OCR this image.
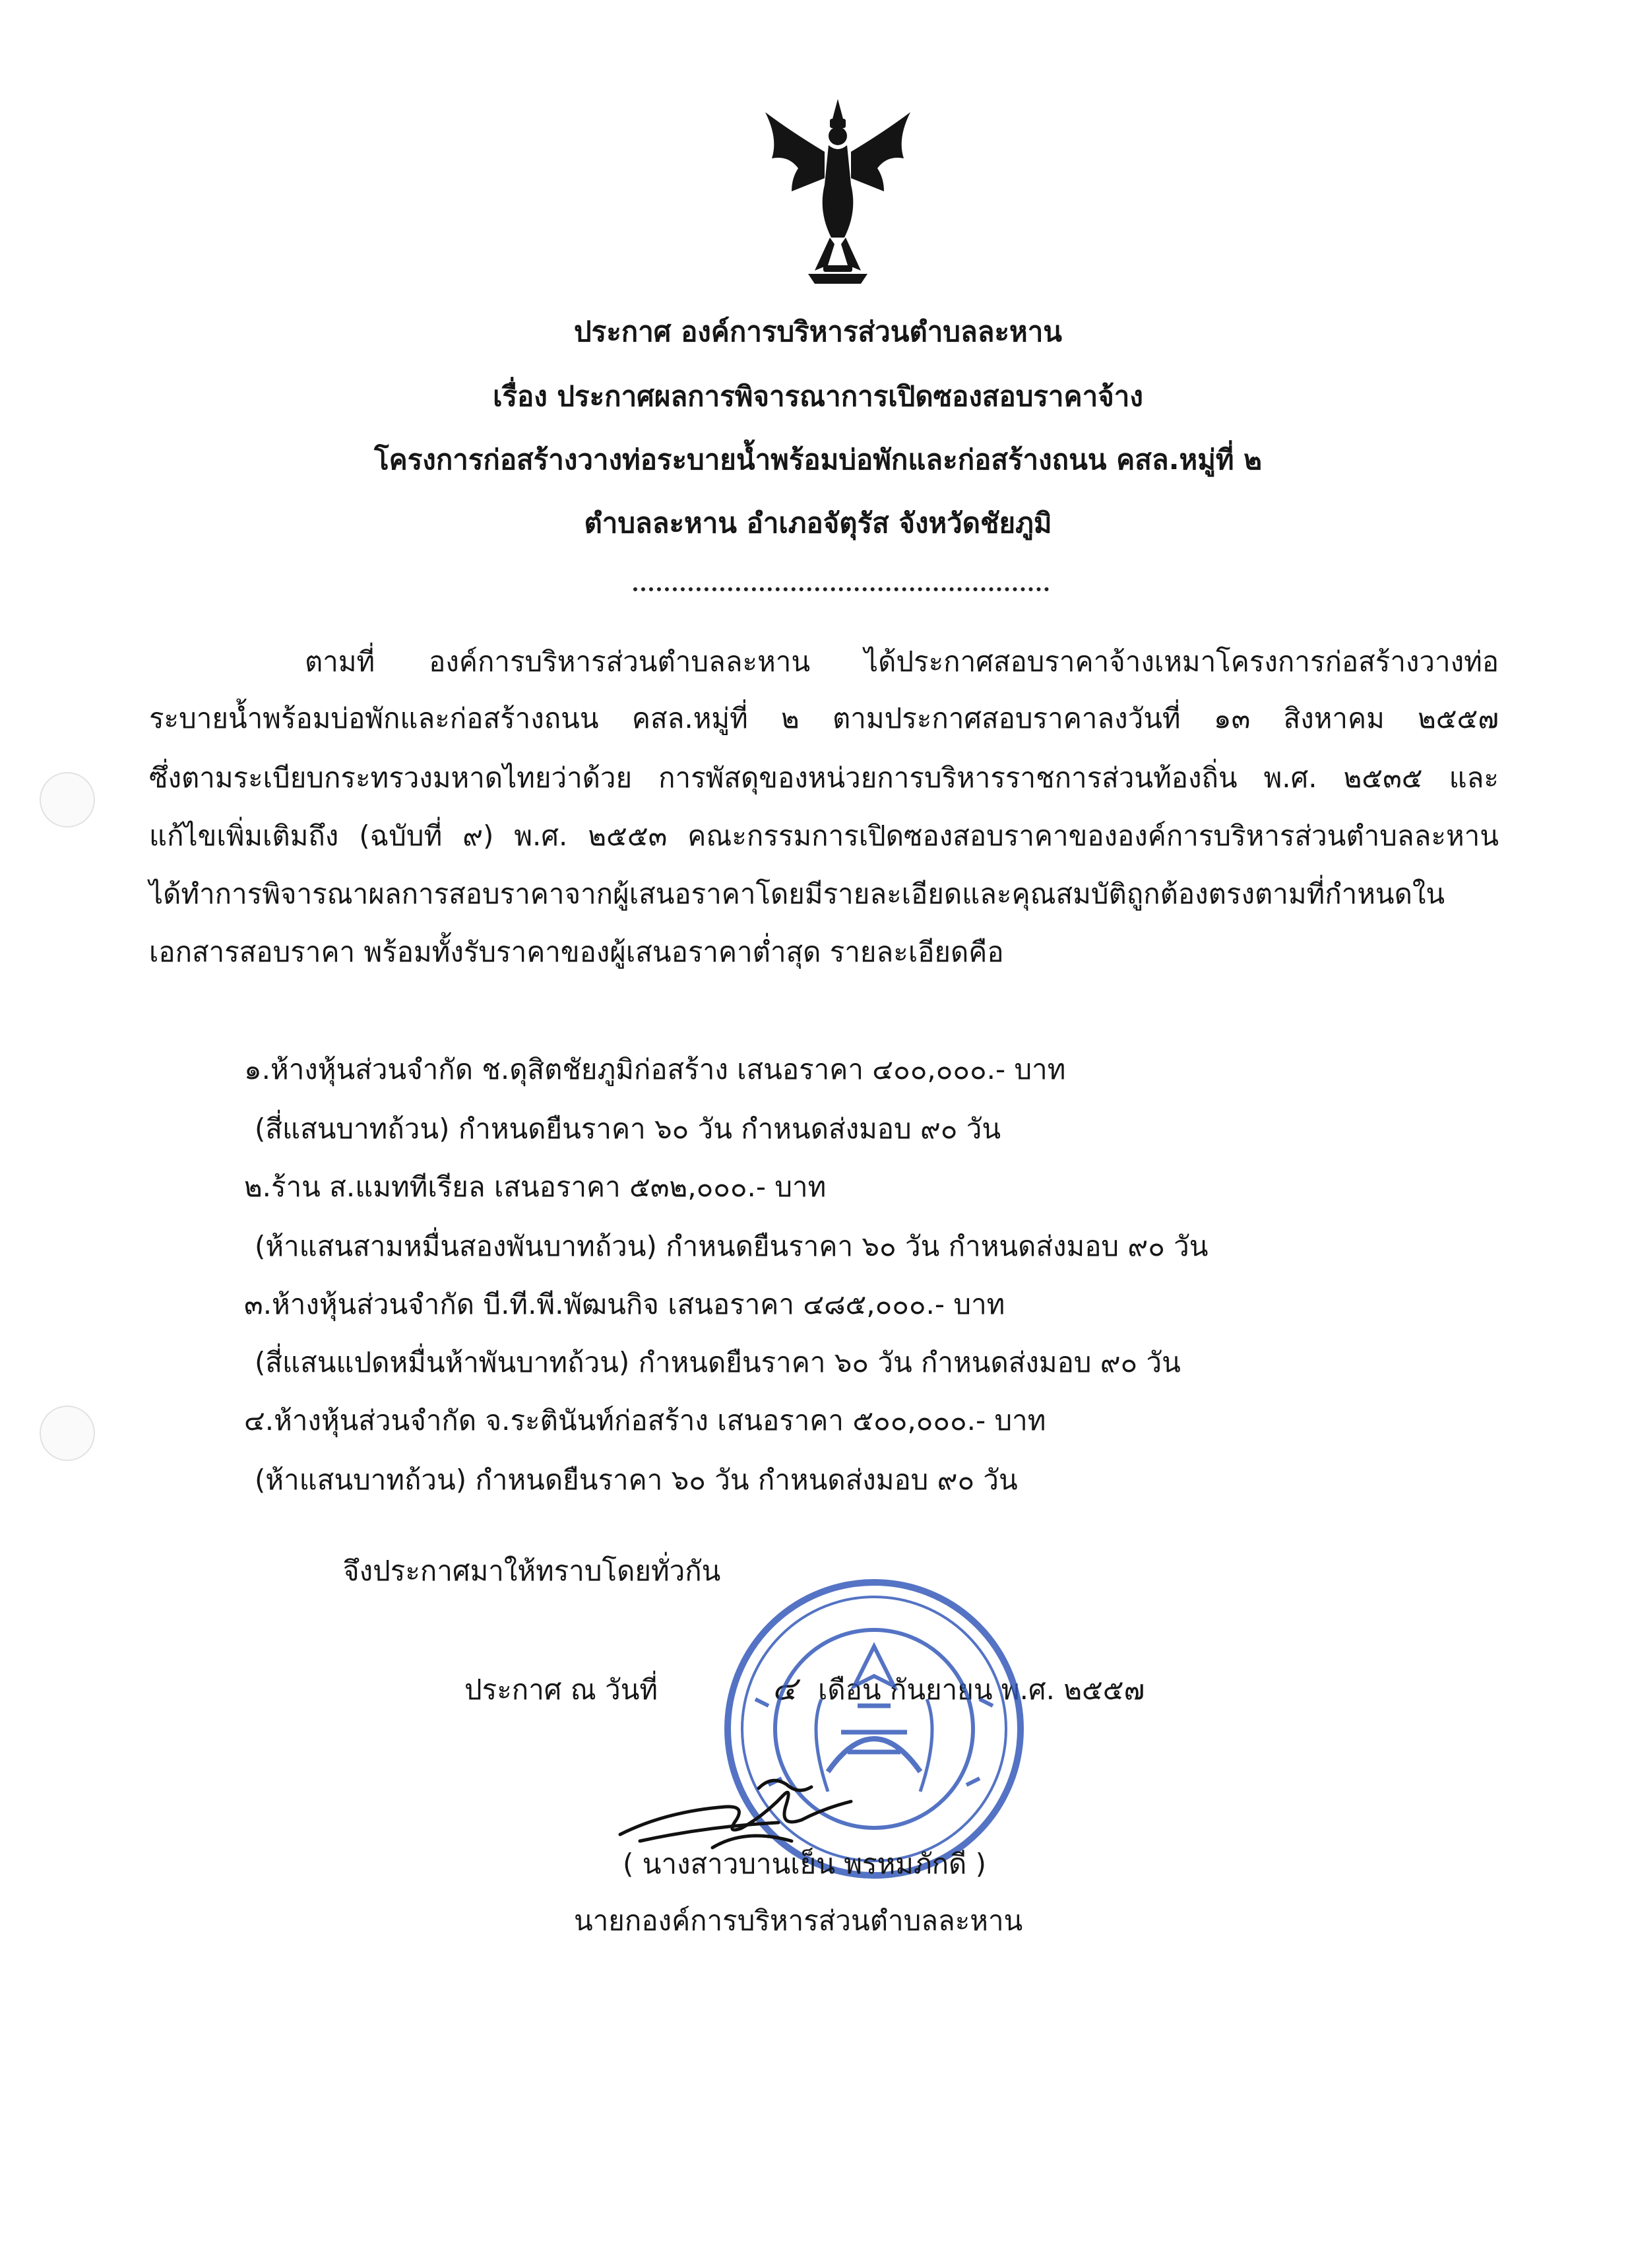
ประกาศ องค์การบริหารส่วนตำบลละหาน
เรื่อง ประกาศผลการพิจารณาการเปิดซองสอบราคาจ้าง
โครงการก่อสร้างวางท่อระบายน้ำพร้อมบ่อพักและก่อสร้างถนน คสล.หมู่ที่ ๒
ตำบลละหาน อำเภอจัตุรัส จังหวัดชัยภูมิ
ตามที่ องค์การบริหารส่วนตำบลละหาน ได้ประกาศสอบราคาจ้างเหมาโครงการก่อสร้างวางท่อ
ระบายน้ำพร้อมบ่อพักและก่อสร้างถนน คสล.หมู่ที่ ๒ ตามประกาศสอบราคาลงวันที่ ๑๓ สิงหาคม ๒๕๕๗
ซึ่งตามระเบียบกระทรวงมหาดไทยว่าด้วย การพัสดุของหน่วยการบริหารราชการส่วนท้องถิ่น พ.ศ. ๒๕๓๕ และ
แก้ไขเพิ่มเติมถึง (ฉบับที่ ๙) พ.ศ. ๒๕๕๓ คณะกรรมการเปิดซองสอบราคาขององค์การบริหารส่วนตำบลละหาน
ได้ทำการพิจารณาผลการสอบราคาจากผู้เสนอราคาโดยมีรายละเอียดและคุณสมบัติถูกต้องตรงตามที่กำหนดใน
เอกสารสอบราคา พร้อมทั้งรับราคาของผู้เสนอราคาต่ำสุด รายละเอียดคือ
๑.ห้างหุ้นส่วนจำกัด ช.ดุสิตชัยภูมิก่อสร้าง เสนอราคา ๔๐๐,๐๐๐.- บาท
(สี่แสนบาทถ้วน) กำหนดยืนราคา ๖๐ วัน กำหนดส่งมอบ ๙๐ วัน
๒.ร้าน ส.แมททีเรียล เสนอราคา ๕๓๒,๐๐๐.- บาท
(ห้าแสนสามหมื่นสองพันบาทถ้วน) กำหนดยืนราคา ๖๐ วัน กำหนดส่งมอบ ๙๐ วัน
๓.ห้างหุ้นส่วนจำกัด บี.ที.พี.พัฒนกิจ เสนอราคา ๔๘๕,๐๐๐.- บาท
(สี่แสนแปดหมื่นห้าพันบาทถ้วน) กำหนดยืนราคา ๖๐ วัน กำหนดส่งมอบ ๙๐ วัน
๔.ห้างหุ้นส่วนจำกัด จ.ระตินันท์ก่อสร้าง เสนอราคา ๕๐๐,๐๐๐.- บาท
(ห้าแสนบาทถ้วน) กำหนดยืนราคา ๖๐ วัน กำหนดส่งมอบ ๙๐ วัน
จึงประกาศมาให้ทราบโดยทั่วกัน
ประกาศ ณ วันที่	๔ เดือน กันยายน พ.ศ. ๒๕๕๗
( นางสาวบานเย็น พรหมภักดี )
นายกองค์การบริหารส่วนตำบลละหาน
